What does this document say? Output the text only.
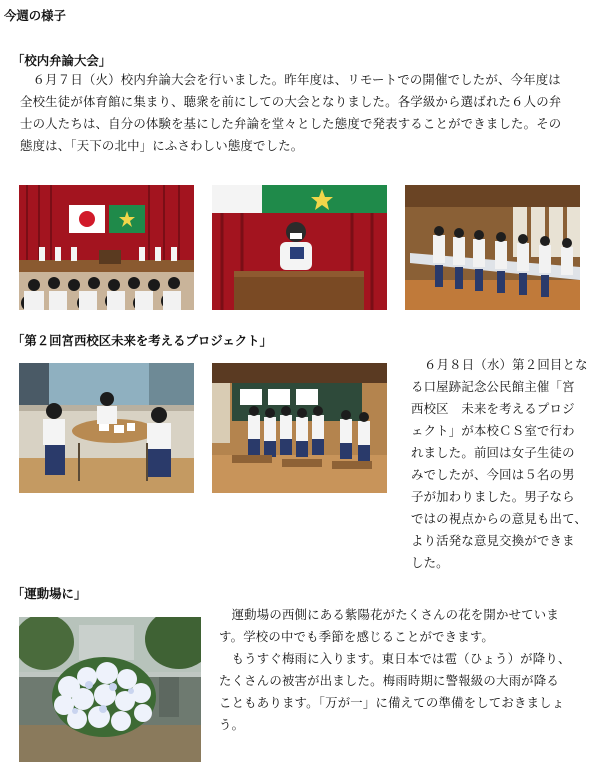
今週の様子
「校内弁論大会」
　６月７日（火）校内弁論大会を行いました。昨年度は、リモートでの開催でしたが、今年度は
全校生徒が体育館に集まり、聴衆を前にしての大会となりました。各学級から選ばれた６人の弁
士の人たちは、自分の体験を基にした弁論を堂々とした態度で発表することができました。その
態度は、「天下の北中」にふさわしい態度でした。
「第２回宮西校区未来を考えるプロジェクト」
６月８日（水）第２回目とな
る口屋跡記念公民館主催「宮
西校区　未来を考えるプロジ
ェクト」が本校ＣＳ室で行わ
れました。前回は女子生徒の
みでしたが、今回は５名の男
子が加わりました。男子なら
ではの視点からの意見も出て、
より活発な意見交換ができま
した。
「運動場に」
　運動場の西側にある紫陽花がたくさんの花を開かせていま
す。学校の中でも季節を感じることができます。
　もうすぐ梅雨に入ります。東日本では雹（ひょう）が降り、
たくさんの被害が出ました。梅雨時期に警報級の大雨が降る
こともあります。「万が一」に備えての準備をしておきましょ
う。
